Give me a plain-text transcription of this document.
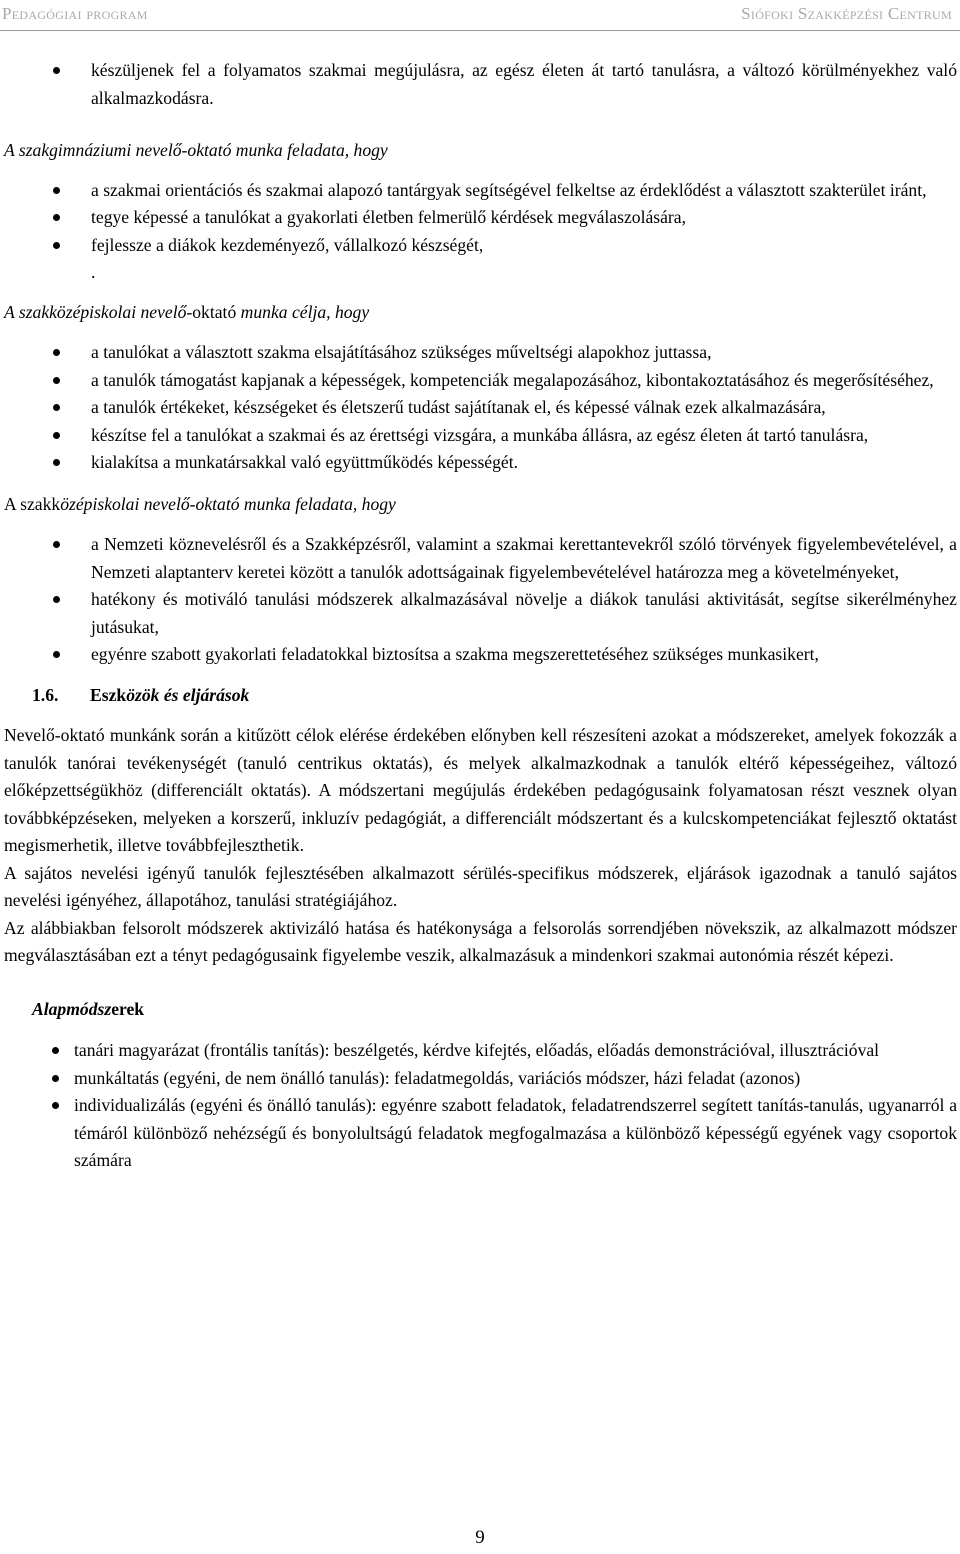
Pedagógiai program	Siófoki Szakképzési Centrum
készüljenek fel a folyamatos szakmai megújulásra, az egész életen át tartó tanulásra, a változó körülményekhez való alkalmazkodásra.

A szakgimnáziumi nevelő-oktató munka feladata, hogy

a szakmai orientációs és szakmai alapozó tantárgyak segítségével felkeltse az érdeklődést a választott szakterület iránt,
tegye képessé a tanulókat a gyakorlati életben felmerülő kérdések megválaszolására,
fejlessze a diákok kezdeményező, vállalkozó készségét,

.

A szakközépiskolai nevelő-oktató munka célja, hogy

a tanulókat a választott szakma elsajátításához szükséges műveltségi alapokhoz juttassa,
a tanulók támogatást kapjanak a képességek, kompetenciák megalapozásához, kibontakoztatásához és megerősítéséhez,
a tanulók értékeket, készségeket és életszerű tudást sajátítanak el, és képessé válnak ezek alkalmazására,
készítse fel a tanulókat a szakmai és az érettségi vizsgára, a munkába állásra, az egész életen át tartó tanulásra,
kialakítsa a munkatársakkal való együttműködés képességét.

A szakközépiskolai nevelő-oktató munka feladata, hogy

a Nemzeti köznevelésről és a Szakképzésről, valamint a szakmai kerettantevekről szóló törvények figyelembevételével, a Nemzeti alaptanterv keretei között a tanulók adottságainak figyelembevételével határozza meg a követelményeket,
hatékony és motiváló tanulási módszerek alkalmazásával növelje a diákok tanulási aktivitását, segítse sikerélményhez jutásukat,
egyénre szabott gyakorlati feladatokkal biztosítsa a szakma megszerettetéséhez szükséges munkasikert,

1.6. Eszközök és eljárások

Nevelő-oktató munkánk során a kitűzött célok elérése érdekében előnyben kell részesíteni azokat a módszereket, amelyek fokozzák a tanulók tanórai tevékenységét (tanuló centrikus oktatás), és melyek alkalmazkodnak a tanulók eltérő képességeihez, változó előképzettségükhöz (differenciált oktatás). A módszertani megújulás érdekében pedagógusaink folyamatosan részt vesznek olyan továbbképzéseken, melyeken a korszerű, inkluzív pedagógiát, a differenciált módszertant és a kulcskompetenciákat fejlesztő oktatást megismerhetik, illetve továbbfejleszthetik.

A sajátos nevelési igényű tanulók fejlesztésében alkalmazott sérülés-specifikus módszerek, eljárások igazodnak a tanuló sajátos nevelési igényéhez, állapotához, tanulási stratégiájához.

Az alábbiakban felsorolt módszerek aktivizáló hatása és hatékonysága a felsorolás sorrendjében növekszik, az alkalmazott módszer megválasztásában ezt a tényt pedagógusaink figyelembe veszik, alkalmazásuk a mindenkori szakmai autonómia részét képezi.

Alapmódszerek

tanári magyarázat (frontális tanítás): beszélgetés, kérdve kifejtés, előadás, előadás demonstrációval, illusztrációval
munkáltatás (egyéni, de nem önálló tanulás): feladatmegoldás, variációs módszer, házi feladat (azonos)
individualizálás (egyéni és önálló tanulás): egyénre szabott feladatok, feladatrendszerrel segített tanítás-tanulás, ugyanarról a témáról különböző nehézségű és bonyolultságú feladatok megfogalmazása a különböző képességű egyének vagy csoportok számára
9
